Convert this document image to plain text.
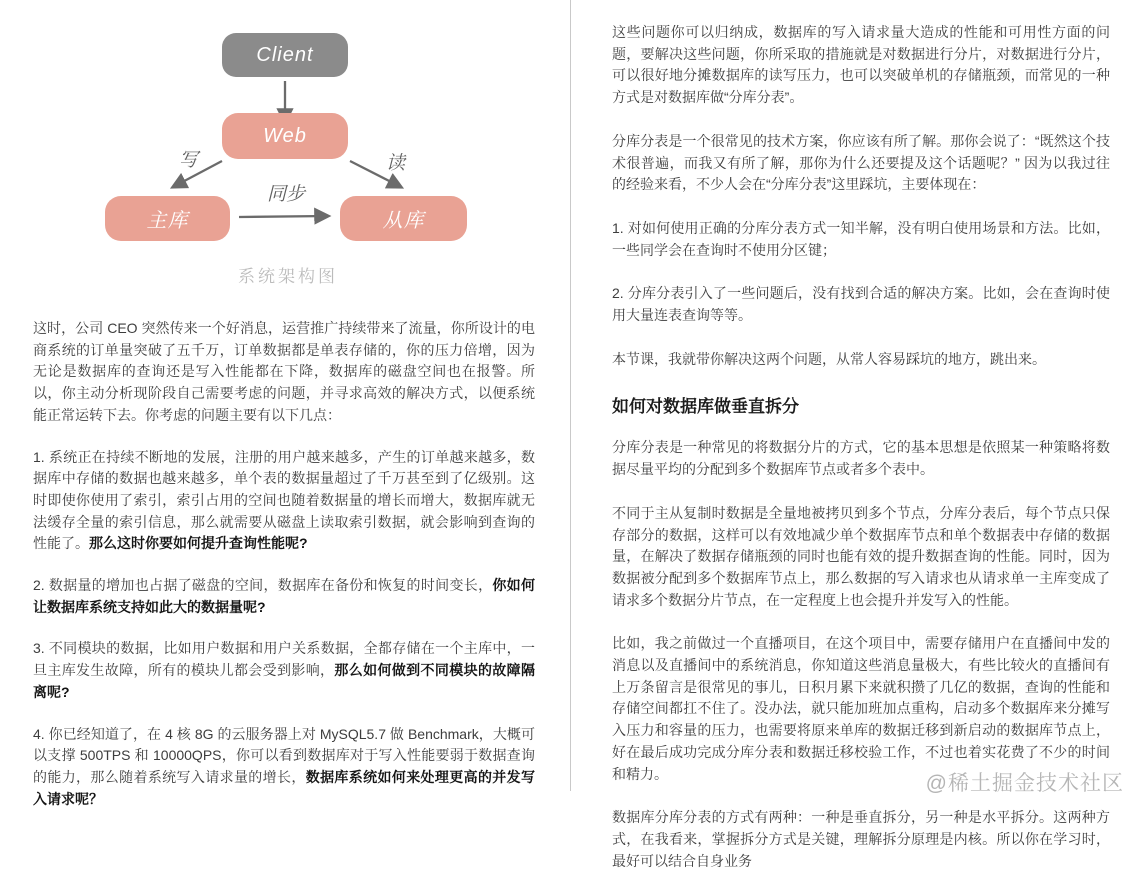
Client
Web
主库	从库
写	读
同步
系统架构图

这时，公司 CEO 突然传来一个好消息，运营推广持续带来了流量，你所设计的电商系统的订单量突破了五千万，订单数据都是单表存储的，你的压力倍增，因为无论是数据库的查询还是写入性能都在下降，数据库的磁盘空间也在报警。所以，你主动分析现阶段自己需要考虑的问题，并寻求高效的解决方式，以便系统能正常运转下去。你考虑的问题主要有以下几点：

1. 系统正在持续不断地的发展，注册的用户越来越多，产生的订单越来越多，数据库中存储的数据也越来越多，单个表的数据量超过了千万甚至到了亿级别。这时即使你使用了索引，索引占用的空间也随着数据量的增长而增大，数据库就无法缓存全量的索引信息，那么就需要从磁盘上读取索引数据，就会影响到查询的性能了。那么这时你要如何提升查询性能呢?

2. 数据量的增加也占据了磁盘的空间，数据库在备份和恢复的时间变长，你如何让数据库系统支持如此大的数据量呢?

3. 不同模块的数据，比如用户数据和用户关系数据，全都存储在一个主库中，一旦主库发生故障，所有的模块儿都会受到影响，那么如何做到不同模块的故障隔离呢?

4. 你已经知道了，在 4 核 8G 的云服务器上对 MySQL5.7 做 Benchmark，大概可以支撑 500TPS 和 10000QPS，你可以看到数据库对于写入性能要弱于数据查询的能力，那么随着系统写入请求量的增长，数据库系统如何来处理更高的并发写入请求呢？

这些问题你可以归纳成，数据库的写入请求量大造成的性能和可用性方面的问题，要解决这些问题，你所采取的措施就是对数据进行分片，对数据进行分片，可以很好地分摊数据库的读写压力，也可以突破单机的存储瓶颈，而常见的一种方式是对数据库做“分库分表”。

分库分表是一个很常见的技术方案，你应该有所了解。那你会说了：“既然这个技术很普遍，而我又有所了解，那你为什么还要提及这个话题呢？” 因为以我过往的经验来看，不少人会在“分库分表”这里踩坑，主要体现在：

1. 对如何使用正确的分库分表方式一知半解，没有明白使用场景和方法。比如，一些同学会在查询时不使用分区键；

2. 分库分表引入了一些问题后，没有找到合适的解决方案。比如，会在查询时使用大量连表查询等等。

本节课，我就带你解决这两个问题，从常人容易踩坑的地方，跳出来。

如何对数据库做垂直拆分

分库分表是一种常见的将数据分片的方式，它的基本思想是依照某一种策略将数据尽量平均的分配到多个数据库节点或者多个表中。

不同于主从复制时数据是全量地被拷贝到多个节点，分库分表后，每个节点只保存部分的数据，这样可以有效地减少单个数据库节点和单个数据表中存储的数据量，在解决了数据存储瓶颈的同时也能有效的提升数据查询的性能。同时，因为数据被分配到多个数据库节点上，那么数据的写入请求也从请求单一主库变成了请求多个数据分片节点，在一定程度上也会提升并发写入的性能。

比如，我之前做过一个直播项目，在这个项目中，需要存储用户在直播间中发的消息以及直播间中的系统消息，你知道这些消息量极大，有些比较火的直播间有上万条留言是很常见的事儿，日积月累下来就积攒了几亿的数据，查询的性能和存储空间都扛不住了。没办法，就只能加班加点重构，启动多个数据库来分摊写入压力和容量的压力，也需要将原来单库的数据迁移到新启动的数据库节点上，好在最后成功完成分库分表和数据迁移校验工作，不过也着实花费了不少的时间和精力。

数据库分库分表的方式有两种：一种是垂直拆分，另一种是水平拆分。这两种方式，在我看来，掌握拆分方式是关键，理解拆分原理是内核。所以你在学习时，最好可以结合自身业务

@稀土掘金技术社区
